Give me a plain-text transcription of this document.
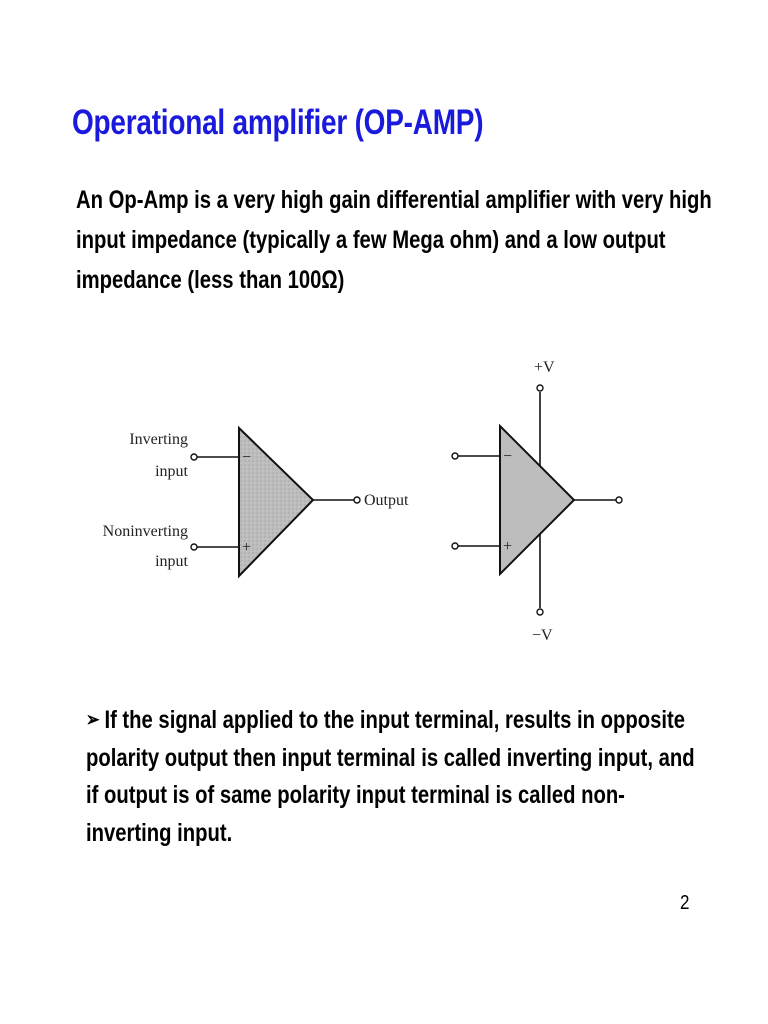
Operational amplifier (OP-AMP)

An Op-Amp is a very high gain differential amplifier with very high
input impedance (typically a few Mega ohm) and a low output
impedance (less than 100Ω)

−
+
Inverting
input
Noninverting
input
Output
−
+
+V
−V

➢ If the signal applied to the input terminal, results in opposite
polarity output then input terminal is called inverting input, and
if output is of same polarity input terminal is called non-
inverting input.

2
